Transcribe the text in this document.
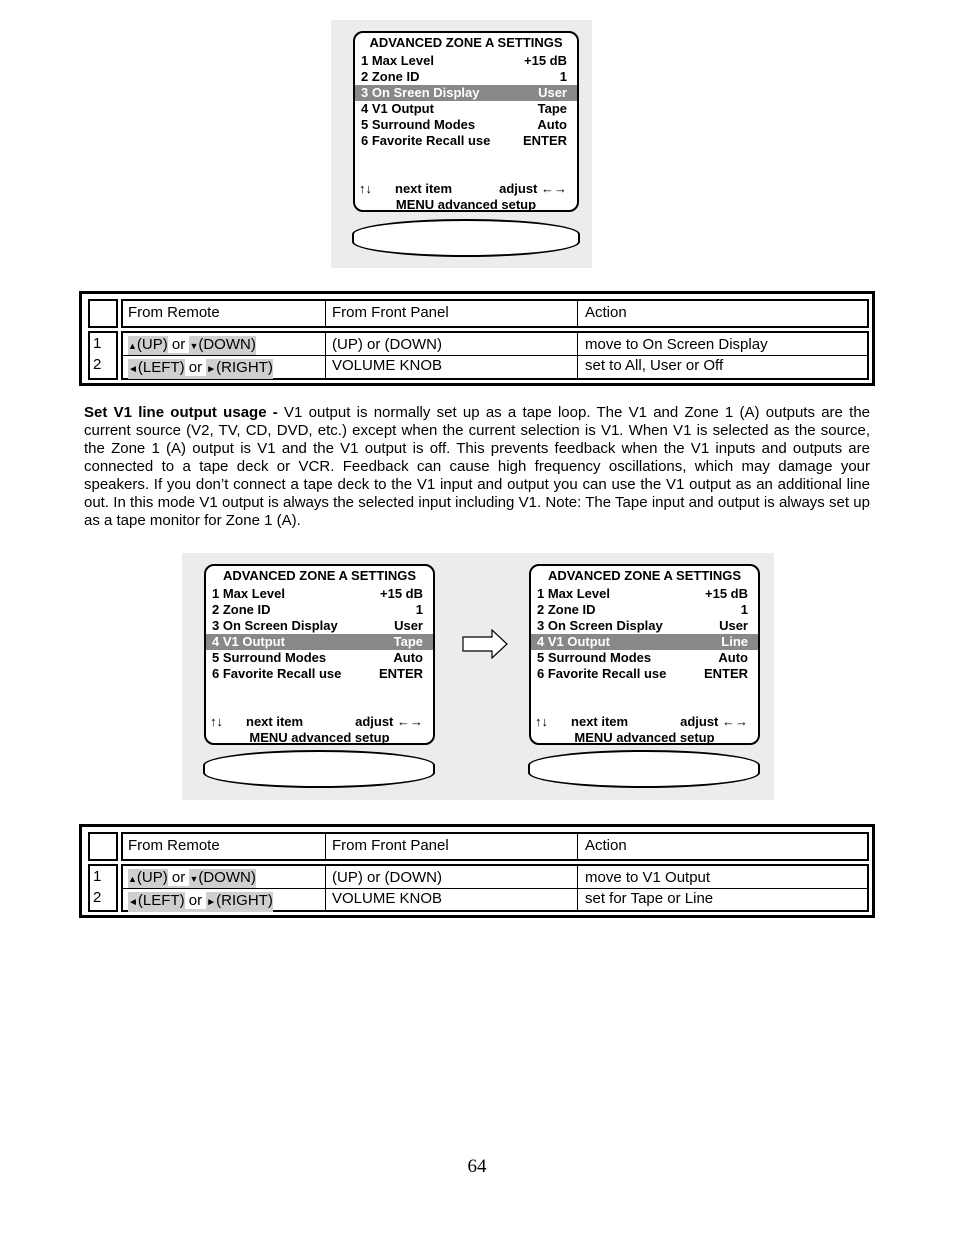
ADVANCED ZONE A SETTINGS
1 Max Level	+15 dB
2 Zone ID	1
3 On Sreen Display	User
4 V1 Output	Tape
5 Surround Modes	Auto
6 Favorite Recall use	ENTER
↑↓ next item	adjust ←→
MENU advanced setup
From Remote	From Front Panel	Action
1
2
▲(UP) or ▼(DOWN)	(UP) or (DOWN)	move to On Screen Display
◄(LEFT) or ►(RIGHT)	VOLUME KNOB	set to All, User or Off
Set V1 line output usage - V1 output is normally set up as a tape loop. The V1 and Zone 1 (A) outputs are the current source (V2, TV, CD, DVD, etc.) except when the current selection is V1. When V1 is selected as the source, the Zone 1 (A) output is V1 and the V1 output is off. This prevents feedback when the V1 inputs and outputs are connected to a tape deck or VCR. Feedback can cause high frequency oscillations, which may damage your speakers. If you don’t connect a tape deck to the V1 input and output you can use the V1 output as an additional line out. In this mode V1 output is always the selected input including V1. Note: The Tape input and output is always set up as a tape monitor for Zone 1 (A).
ADVANCED ZONE A SETTINGS
1 Max Level	+15 dB
2 Zone ID	1
3 On Screen Display	User
4 V1 Output	Tape
5 Surround Modes	Auto
6 Favorite Recall use	ENTER
↑↓ next item	adjust ←→
MENU advanced setup
ADVANCED ZONE A SETTINGS
1 Max Level	+15 dB
2 Zone ID	1
3 On Screen Display	User
4 V1 Output	Line
5 Surround Modes	Auto
6 Favorite Recall use	ENTER
↑↓ next item	adjust ←→
MENU advanced setup
From Remote	From Front Panel	Action
1
2
▲(UP) or ▼(DOWN)	(UP) or (DOWN)	move to V1 Output
◄(LEFT) or ►(RIGHT)	VOLUME KNOB	set for Tape or Line
64
